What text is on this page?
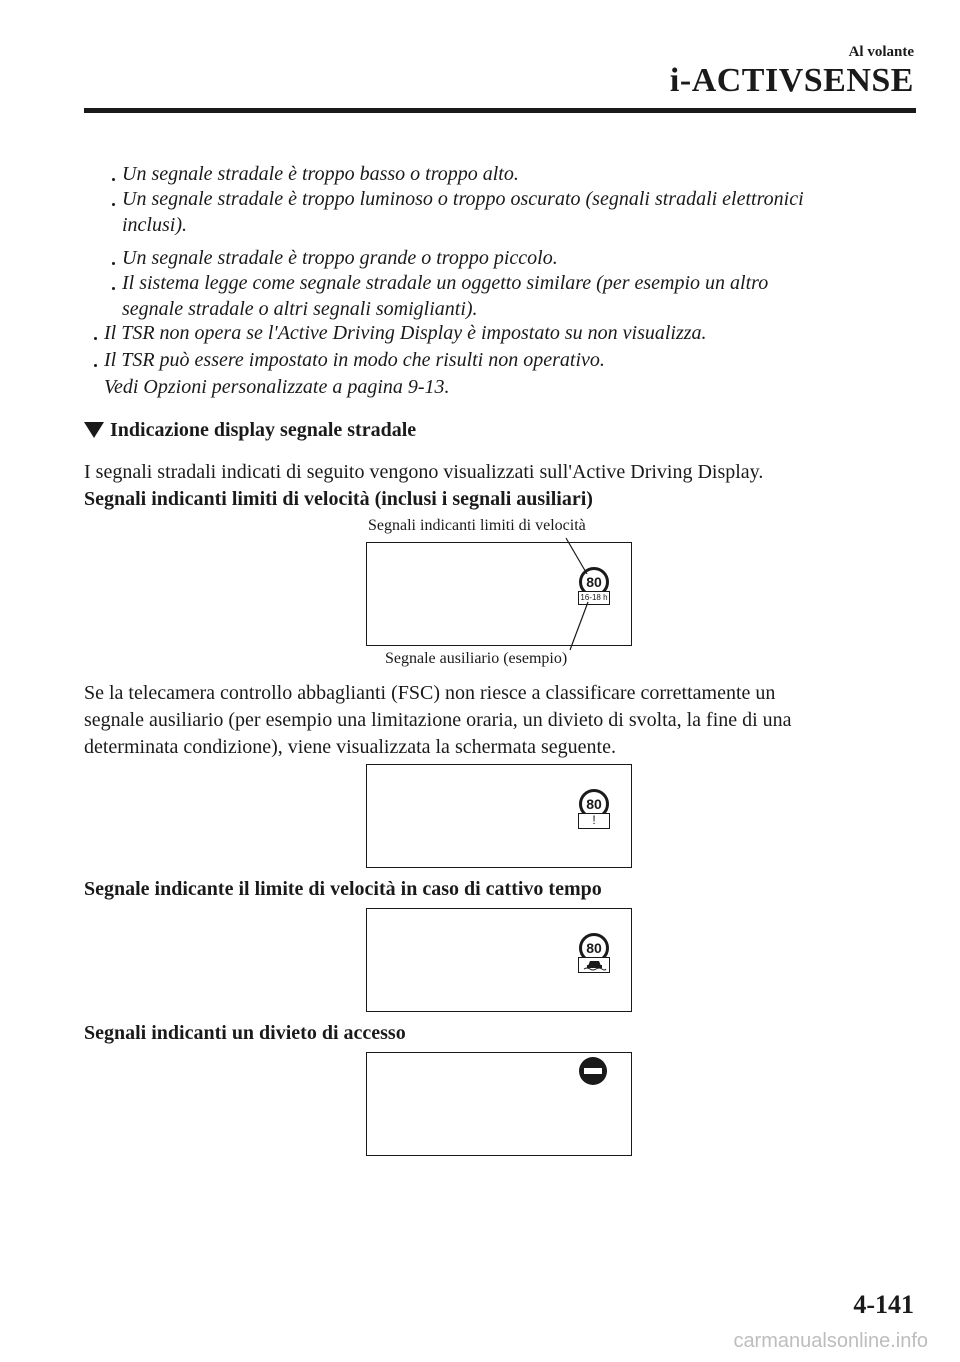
Al volante
i-ACTIVSENSE
Un segnale stradale è troppo basso o troppo alto.
Un segnale stradale è troppo luminoso o troppo oscurato (segnali stradali elettronici
inclusi).
Un segnale stradale è troppo grande o troppo piccolo.
Il sistema legge come segnale stradale un oggetto similare (per esempio un altro
segnale stradale o altri segnali somiglianti).
Il TSR non opera se l'Active Driving Display è impostato su non visualizza.
Il TSR può essere impostato in modo che risulti non operativo.
Vedi Opzioni personalizzate a pagina 9-13.
Indicazione display segnale stradale
I segnali stradali indicati di seguito vengono visualizzati sull'Active Driving Display.
Segnali indicanti limiti di velocità (inclusi i segnali ausiliari)
Segnali indicanti limiti di velocità
80
16-18 h
Segnale ausiliario (esempio)
Se la telecamera controllo abbaglianti (FSC) non riesce a classificare correttamente un
segnale ausiliario (per esempio una limitazione oraria, un divieto di svolta, la fine di una
determinata condizione), viene visualizzata la schermata seguente.
80
!
Segnale indicante il limite di velocità in caso di cattivo tempo
80
Segnali indicanti un divieto di accesso
4-141
carmanualsonline.info
